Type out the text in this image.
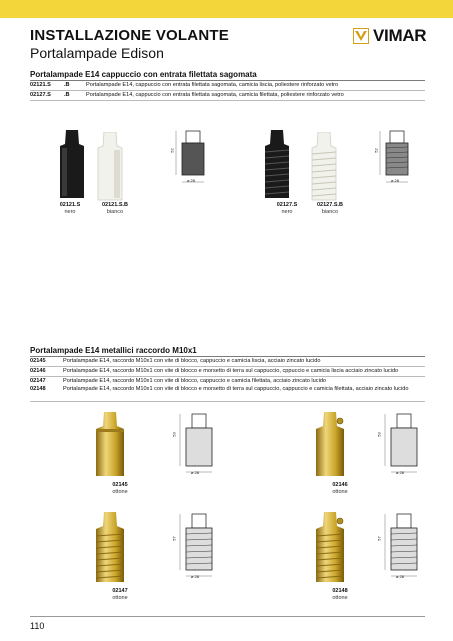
INSTALLAZIONE VOLANTE
Portalampade Edison
VIMAR
Portalampade E14 cappuccio con entrata filettata sagomata
02121.S .B	Portalampade E14, cappuccio con entrata filettata sagomata, camicia liscia, poliestere rinforzato vetro
02127.S .B	Portalampade E14, cappuccio con entrata filettata sagomata, camicia filettata, poliestere rinforzato vetro
52
⌀ 28
52
⌀ 28
02121.S
nero
02121.S.B
bianco
02127.S
nero
02127.S.B
bianco
Portalampade E14 metallici raccordo M10x1
02145	Portalampade E14, raccordo M10x1 con vite di blocco, cappuccio e camicia liscia, acciaio zincato lucido
02146	Portalampade E14, raccordo M10x1 con vite di blocco e morsetto di terra sul cappuccio, cppuccio e camicia liscia acciaio zincato lucido
02147	Portalampade E14, raccordo M10x1 con vite di blocco, cappuccio e camicia filettata, acciaio zincato lucido
02148	Portalampade E14, raccordo M10x1 con vite di blocco e morsetto di terra sul cappuccio, cappuccio e camicia filettata, acciaio zincato lucido
53
⌀ 28
53
⌀ 28
02145
ottone
02146
ottone
57
⌀ 28
57
⌀ 28
02147
ottone
02148
ottone
110
